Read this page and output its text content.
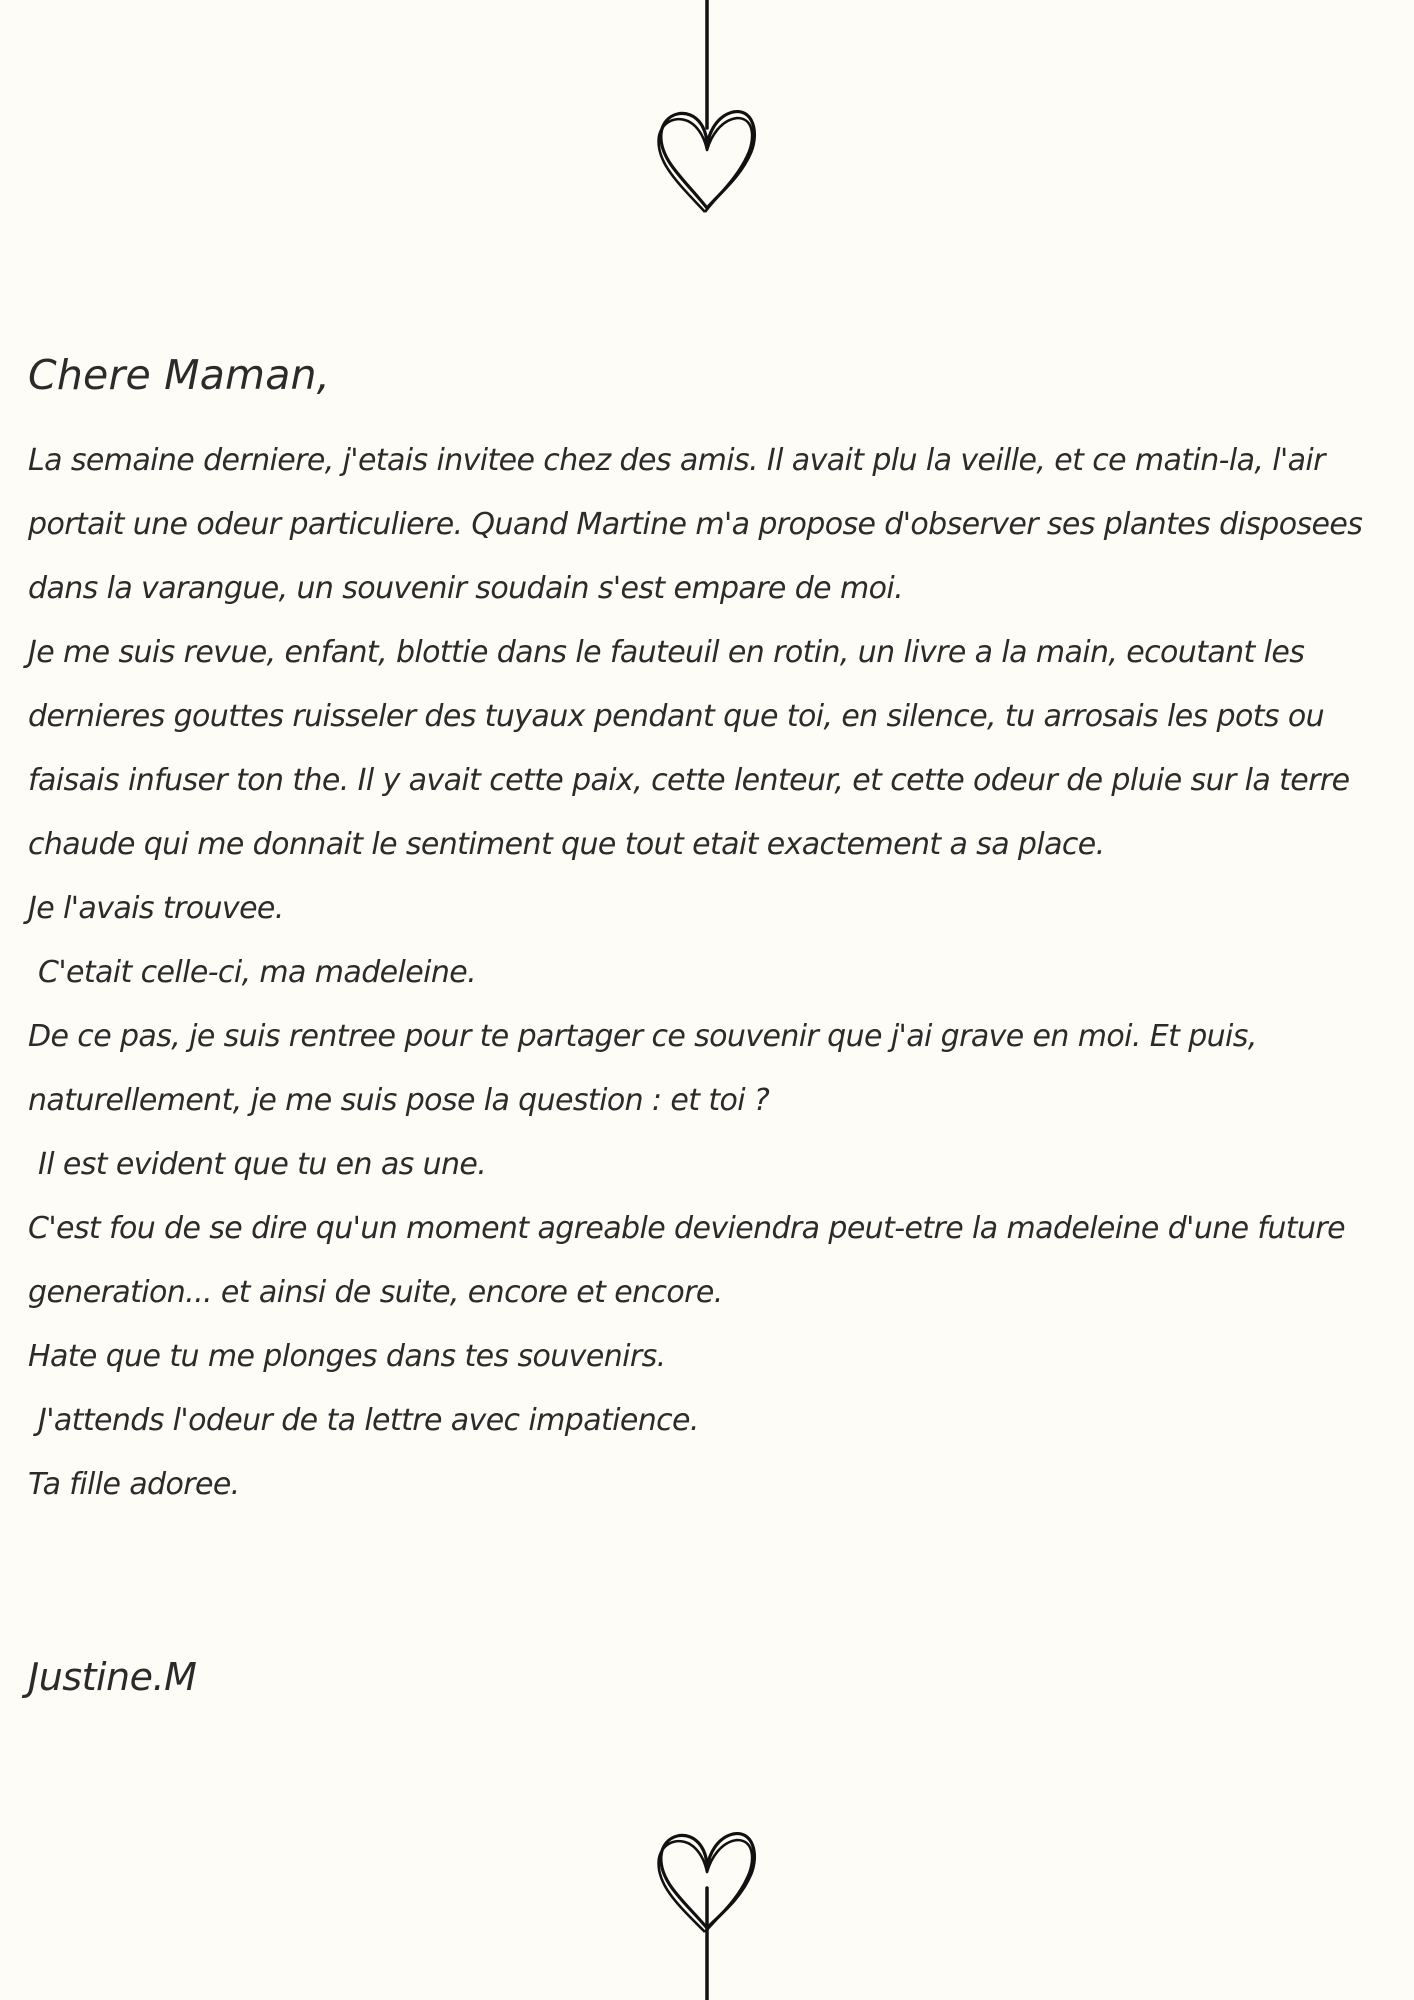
Chere Maman,
La semaine derniere, j'etais invitee chez des amis. Il avait plu la veille, et ce matin-la, l'air
portait une odeur particuliere. Quand Martine m'a propose d'observer ses plantes disposees
dans la varangue, un souvenir soudain s'est empare de moi.
Je me suis revue, enfant, blottie dans le fauteuil en rotin, un livre a la main, ecoutant les
dernieres gouttes ruisseler des tuyaux pendant que toi, en silence, tu arrosais les pots ou
faisais infuser ton the. Il y avait cette paix, cette lenteur, et cette odeur de pluie sur la terre
chaude qui me donnait le sentiment que tout etait exactement a sa place.
Je l'avais trouvee.
C'etait celle-ci, ma madeleine.
De ce pas, je suis rentree pour te partager ce souvenir que j'ai grave en moi. Et puis,
naturellement, je me suis pose la question : et toi ?
Il est evident que tu en as une.
C'est fou de se dire qu'un moment agreable deviendra peut-etre la madeleine d'une future
generation... et ainsi de suite, encore et encore.
Hate que tu me plonges dans tes souvenirs.
J'attends l'odeur de ta lettre avec impatience.
Ta fille adoree.
Justine.M
